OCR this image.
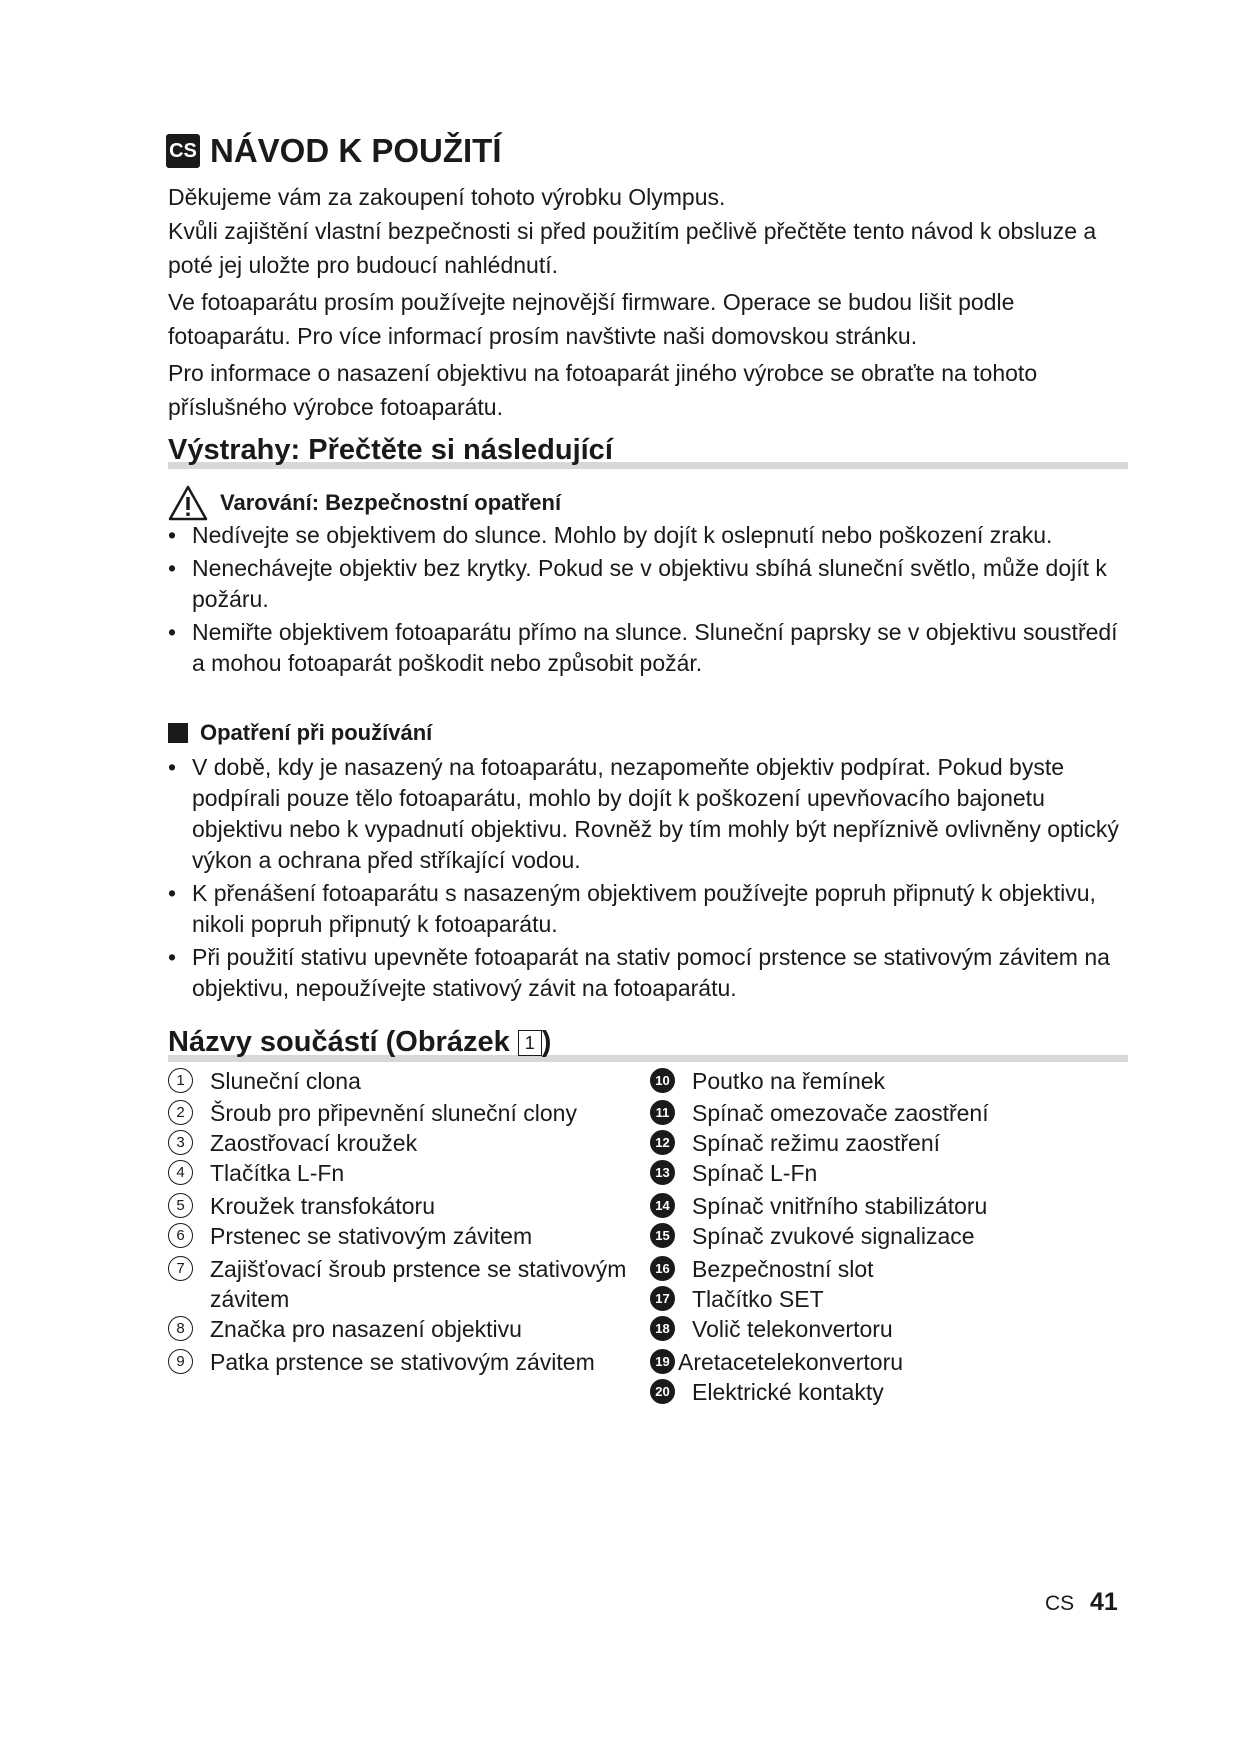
CS NÁVOD K POUŽITÍ

Děkujeme vám za zakoupení tohoto výrobku Olympus.

Kvůli zajištění vlastní bezpečnosti si před použitím pečlivě přečtěte tento návod k obsluze a poté jej uložte pro budoucí nahlédnutí.

Ve fotoaparátu prosím používejte nejnovější firmware. Operace se budou lišit podle fotoaparátu. Pro více informací prosím navštivte naši domovskou stránku.

Pro informace o nasazení objektivu na fotoaparát jiného výrobce se obraťte na tohoto příslušného výrobce fotoaparátu.

Výstrahy: Přečtěte si následující
Varování: Bezpečnostní opatření
• Nedívejte se objektivem do slunce. Mohlo by dojít k oslepnutí nebo poškození zraku.
• Nenechávejte objektiv bez krytky. Pokud se v objektivu sbíhá sluneční světlo, může dojít k požáru.
• Nemiřte objektivem fotoaparátu přímo na slunce. Sluneční paprsky se v objektivu soustředí a mohou fotoaparát poškodit nebo způsobit požár.
Opatření při používání
• V době, kdy je nasazený na fotoaparátu, nezapomeňte objektiv podpírat. Pokud byste podpírali pouze tělo fotoaparátu, mohlo by dojít k poškození upevňovacího bajonetu objektivu nebo k vypadnutí objektivu. Rovněž by tím mohly být nepříznivě ovlivněny optický výkon a ochrana před stříkající vodou.
• K přenášení fotoaparátu s nasazeným objektivem používejte popruh připnutý k objektivu, nikoli popruh připnutý k fotoaparátu.
• Při použití stativu upevněte fotoaparát na stativ pomocí prstence se stativovým závitem na objektivu, nepoužívejte stativový závit na fotoaparátu.
Názvy součástí (Obrázek 1 )
1	Sluneční clona
2	Šroub pro připevnění sluneční clony
3	Zaostřovací kroužek
4	Tlačítka L-Fn
5	Kroužek transfokátoru
6	Prstenec se stativovým závitem
7	Zajišťovací šroub prstence se stativovým závitem
8	Značka pro nasazení objektivu
9	Patka prstence se stativovým závitem
10 Poutko na řemínek
11 Spínač omezovače zaostření
12 Spínač režimu zaostření
13 Spínač L-Fn
14 Spínač vnitřního stabilizátoru
15 Spínač zvukové signalizace
16 Bezpečnostní slot
17 Tlačítko SET
18 Volič telekonvertoru
19 Aretacetelekonvertoru
20 Elektrické kontakty
CS 41
